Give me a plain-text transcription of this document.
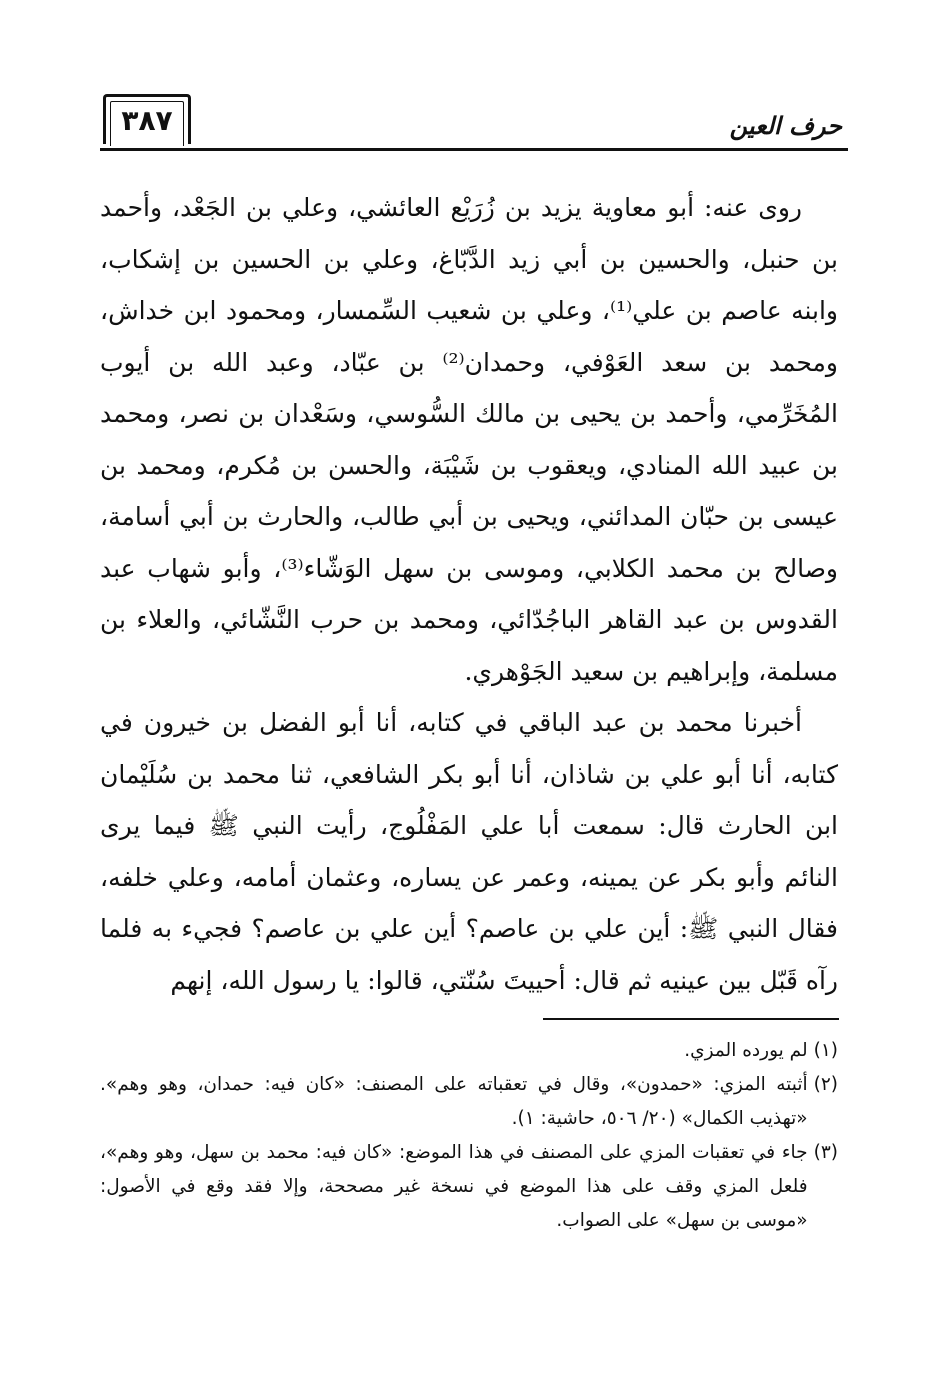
٣٨٧	حرف العين

روى عنه: أبو معاوية يزيد بن زُرَيْع العائشي، وعلي بن الجَعْد، وأحمد بن حنبل، والحسين بن أبي زيد الدَّبّاغ، وعلي بن الحسين بن إشكاب، وابنه عاصم بن علي⁽¹⁾، وعلي بن شعيب السِّمسار، ومحمود ابن خداش، ومحمد بن سعد العَوْفي، وحمدان⁽²⁾ بن عبّاد، وعبد الله بن أيوب المُخَرِّمي، وأحمد بن يحيى بن مالك السُّوسي، وسَعْدان بن نصر، ومحمد بن عبيد الله المنادي، ويعقوب بن شَيْبَة، والحسن بن مُكرم، ومحمد بن عيسى بن حبّان المدائني، ويحيى بن أبي طالب، والحارث بن أبي أسامة، وصالح بن محمد الكلابي، وموسى بن سهل الوَشّاء⁽³⁾، وأبو شهاب عبد القدوس بن عبد القاهر الباجُدّائي، ومحمد بن حرب النَّشّائي، والعلاء بن مسلمة، وإبراهيم بن سعيد الجَوْهري.

أخبرنا محمد بن عبد الباقي في كتابه، أنا أبو الفضل بن خيرون في كتابه، أنا أبو علي بن شاذان، أنا أبو بكر الشافعي، ثنا محمد بن سُلَيْمان ابن الحارث قال: سمعت أبا علي المَفْلُوج، رأيت النبي ﷺ فيما يرى النائم وأبو بكر عن يمينه، وعمر عن يساره، وعثمان أمامه، وعلي خلفه، فقال النبي ﷺ: أين علي بن عاصم؟ أين علي بن عاصم؟ فجيء به فلما رآه قَبّل بين عينيه ثم قال: أحييتَ سُنّتي، قالوا: يا رسول الله، إنهم

(١)
لم يورده المزي.
(٢)
أثبته المزي: «حمدون»، وقال في تعقباته على المصنف: «كان فيه: حمدان، وهو وهم». «تهذيب الكمال» (٢٠/ ٥٠٦، حاشية: ١).
(٣)
جاء في تعقبات المزي على المصنف في هذا الموضع: «كان فيه: محمد بن سهل، وهو وهم»، فلعل المزي وقف على هذا الموضع في نسخة غير مصححة، وإلا فقد وقع في الأصول: «موسى بن سهل» على الصواب.
